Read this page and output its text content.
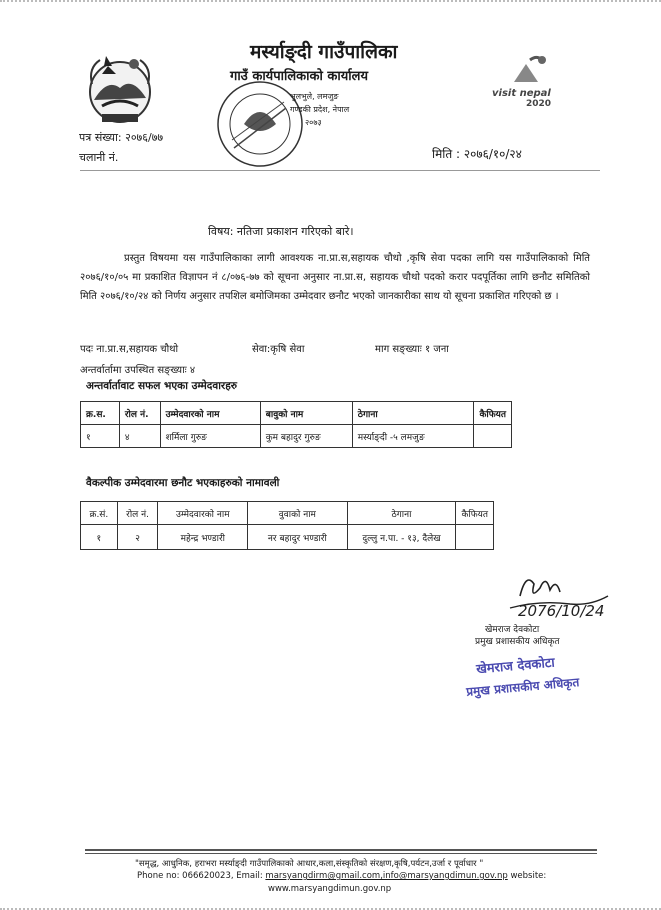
मर्स्याङ्दी गाउँपालिका
गाउँ कार्यपालिकाको कार्यालय
भुलभुले, लमजुङ
गण्डकी प्रदेश, नेपाल
२०७३
visit nepal
2020
पत्र संख्या: २०७६/७७
चलानी नं.	मिति : २०७६/१०/२४
विषय: नतिजा प्रकाशन गरिएको बारे।

प्रस्तुत विषयमा यस गाउँपालिकाका लागी आवश्यक ना.प्रा.स,सहायक चौथो ,कृषि सेवा पदका लागि यस गाउँपालिकाको मिति २०७६/१०/०५ मा प्रकाशित विज्ञापन नं ८/०७६-७७ को सूचना अनुसार ना.प्रा.स, सहायक चौथो पदको करार पदपूर्तिका लागि छनौट समितिको मिति २०७६/१०/२४ को निर्णय अनुसार तपशिल बमोजिमका उम्मेदवार छनौट भएको जानकारीका साथ यो सूचना प्रकाशित गरिएको छ ।

पदः ना.प्रा.स,सहायक चौथो	सेवा:कृषि सेवा	माग सङ्ख्याः १ जना
अन्तर्वार्तामा उपस्थित सङ्ख्याः ४
अन्तर्वार्तावाट सफल भएका उम्मेदवारहरु
क्र.स.	रोल नं.	उम्मेदवारको नाम	बावुको नाम	ठेगाना	कैफियत
१	४	शर्मिला गुरुङ	कुम बहादुर गुरुङ	मर्स्याङ्दी -५ लमजुङ	
वैकल्पीक उम्मेदवारमा छनौट भएकाहरुको नामावली
क्र.सं.	रोल नं.	उम्मेदवारको नाम	वुवाको नाम	ठेगाना	कैफियत
१	२	महेन्द्र भण्डारी	नर बहादुर भण्डारी	दुल्लु न.पा. - १३, दैलेख	
2076/10/24
खेमराज देवकोटा
प्रमुख प्रशासकीय अधिकृत
खेमराज देवकोटा
प्रमुख प्रशासकीय अधिकृत
"समृद्ध, आधुनिक, हराभरा मर्स्याङ्दी गाउँपालिकाको आधार,कला,संस्कृतिको संरक्षण,कृषि,पर्यटन,उर्जा र पूर्वाधार "
Phone no: 066620023, Email: marsyangdirm@gmail.com,info@marsyangdimun.gov.np website:
www.marsyangdimun.gov.np
